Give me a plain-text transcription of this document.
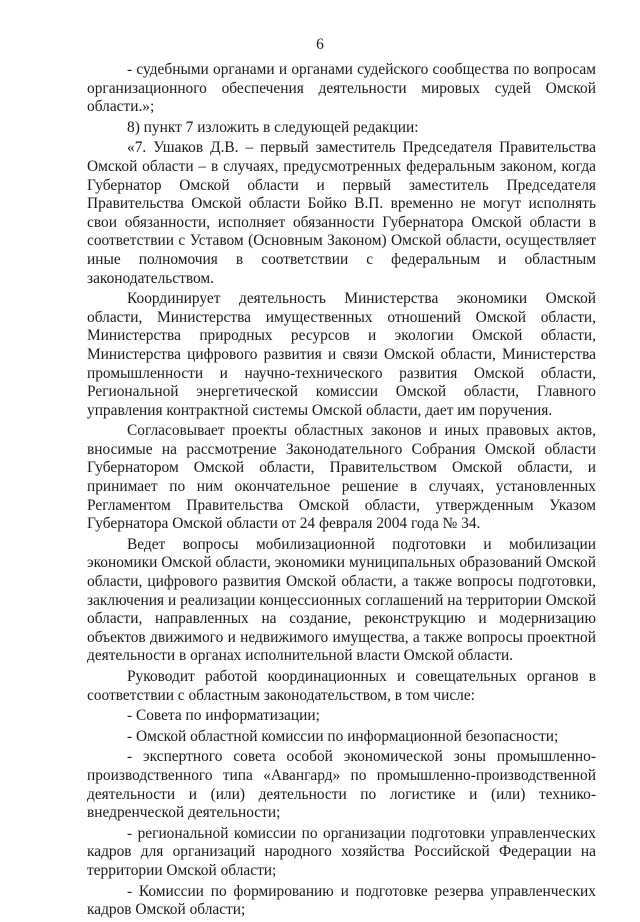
6

- судебными органами и органами судейского сообщества по вопросам организационного обеспечения деятельности мировых судей Омской области.»;

8) пункт 7 изложить в следующей редакции:

«7. Ушаков Д.В. – первый заместитель Председателя Правительства Омской области – в случаях, предусмотренных федеральным законом, когда Губернатор Омской области и первый заместитель Председателя Правительства Омской области Бойко В.П. временно не могут исполнять свои обязанности, исполняет обязанности Губернатора Омской области в соответствии с Уставом (Основным Законом) Омской области, осуществляет иные полномочия в соответствии с федеральным и областным законодательством.

Координирует деятельность Министерства экономики Омской области, Министерства имущественных отношений Омской области, Министерства природных ресурсов и экологии Омской области, Министерства цифрового развития и связи Омской области, Министерства промышленности и научно-технического развития Омской области, Региональной энергетической комиссии Омской области, Главного управления контрактной системы Омской области, дает им поручения.

Согласовывает проекты областных законов и иных правовых актов, вносимые на рассмотрение Законодательного Собрания Омской области Губернатором Омской области, Правительством Омской области, и принимает по ним окончательное решение в случаях, установленных Регламентом Правительства Омской области, утвержденным Указом Губернатора Омской области от 24 февраля 2004 года № 34.

Ведет вопросы мобилизационной подготовки и мобилизации экономики Омской области, экономики муниципальных образований Омской области, цифрового развития Омской области, а также вопросы подготовки, заключения и реализации концессионных соглашений на территории Омской области, направленных на создание, реконструкцию и модернизацию объектов движимого и недвижимого имущества, а также вопросы проектной деятельности в органах исполнительной власти Омской области.

Руководит работой координационных и совещательных органов в соответствии с областным законодательством, в том числе:

- Совета по информатизации;

- Омской областной комиссии по информационной безопасности;

- экспертного совета особой экономической зоны промышленно-производственного типа «Авангард» по промышленно-производственной деятельности и (или) деятельности по логистике и (или) технико-внедренческой деятельности;

- региональной комиссии по организации подготовки управленческих кадров для организаций народного хозяйства Российской Федерации на территории Омской области;

- Комиссии по формированию и подготовке резерва управленческих кадров Омской области;
